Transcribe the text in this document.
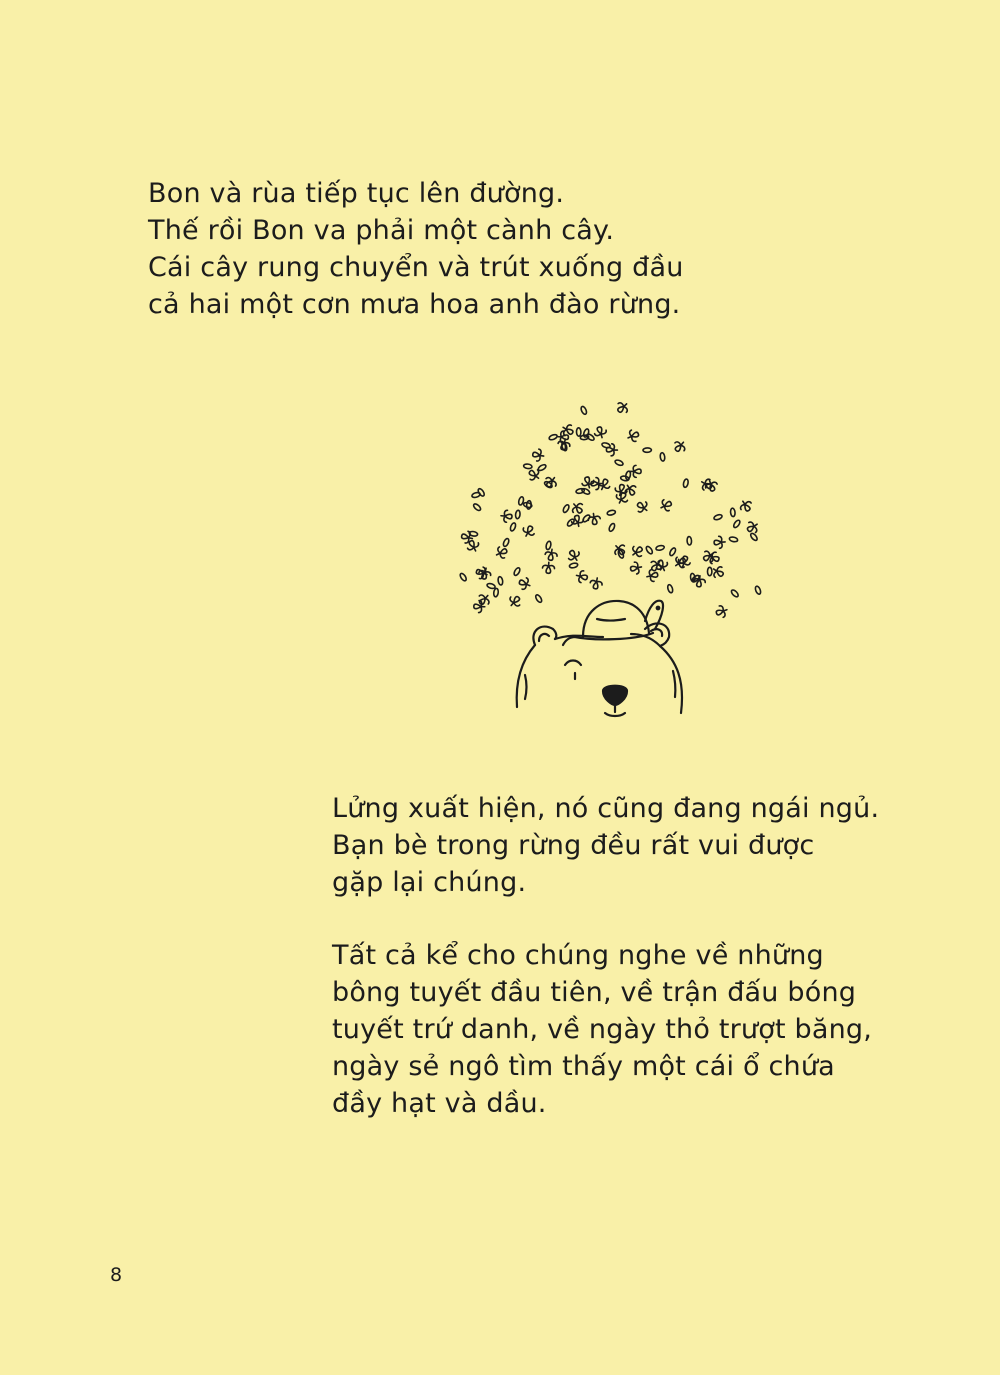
Bon và rùa tiếp tục lên đường.
Thế rồi Bon va phải một cành cây.
Cái cây rung chuyển và trút xuống đầu
cả hai một cơn mưa hoa anh đào rừng.
Lửng xuất hiện, nó cũng đang ngái ngủ.
Bạn bè trong rừng đều rất vui được
gặp lại chúng.
Tất cả kể cho chúng nghe về những
bông tuyết đầu tiên, về trận đấu bóng
tuyết trứ danh, về ngày thỏ trượt băng,
ngày sẻ ngô tìm thấy một cái ổ chứa
đầy hạt và dầu.
8
